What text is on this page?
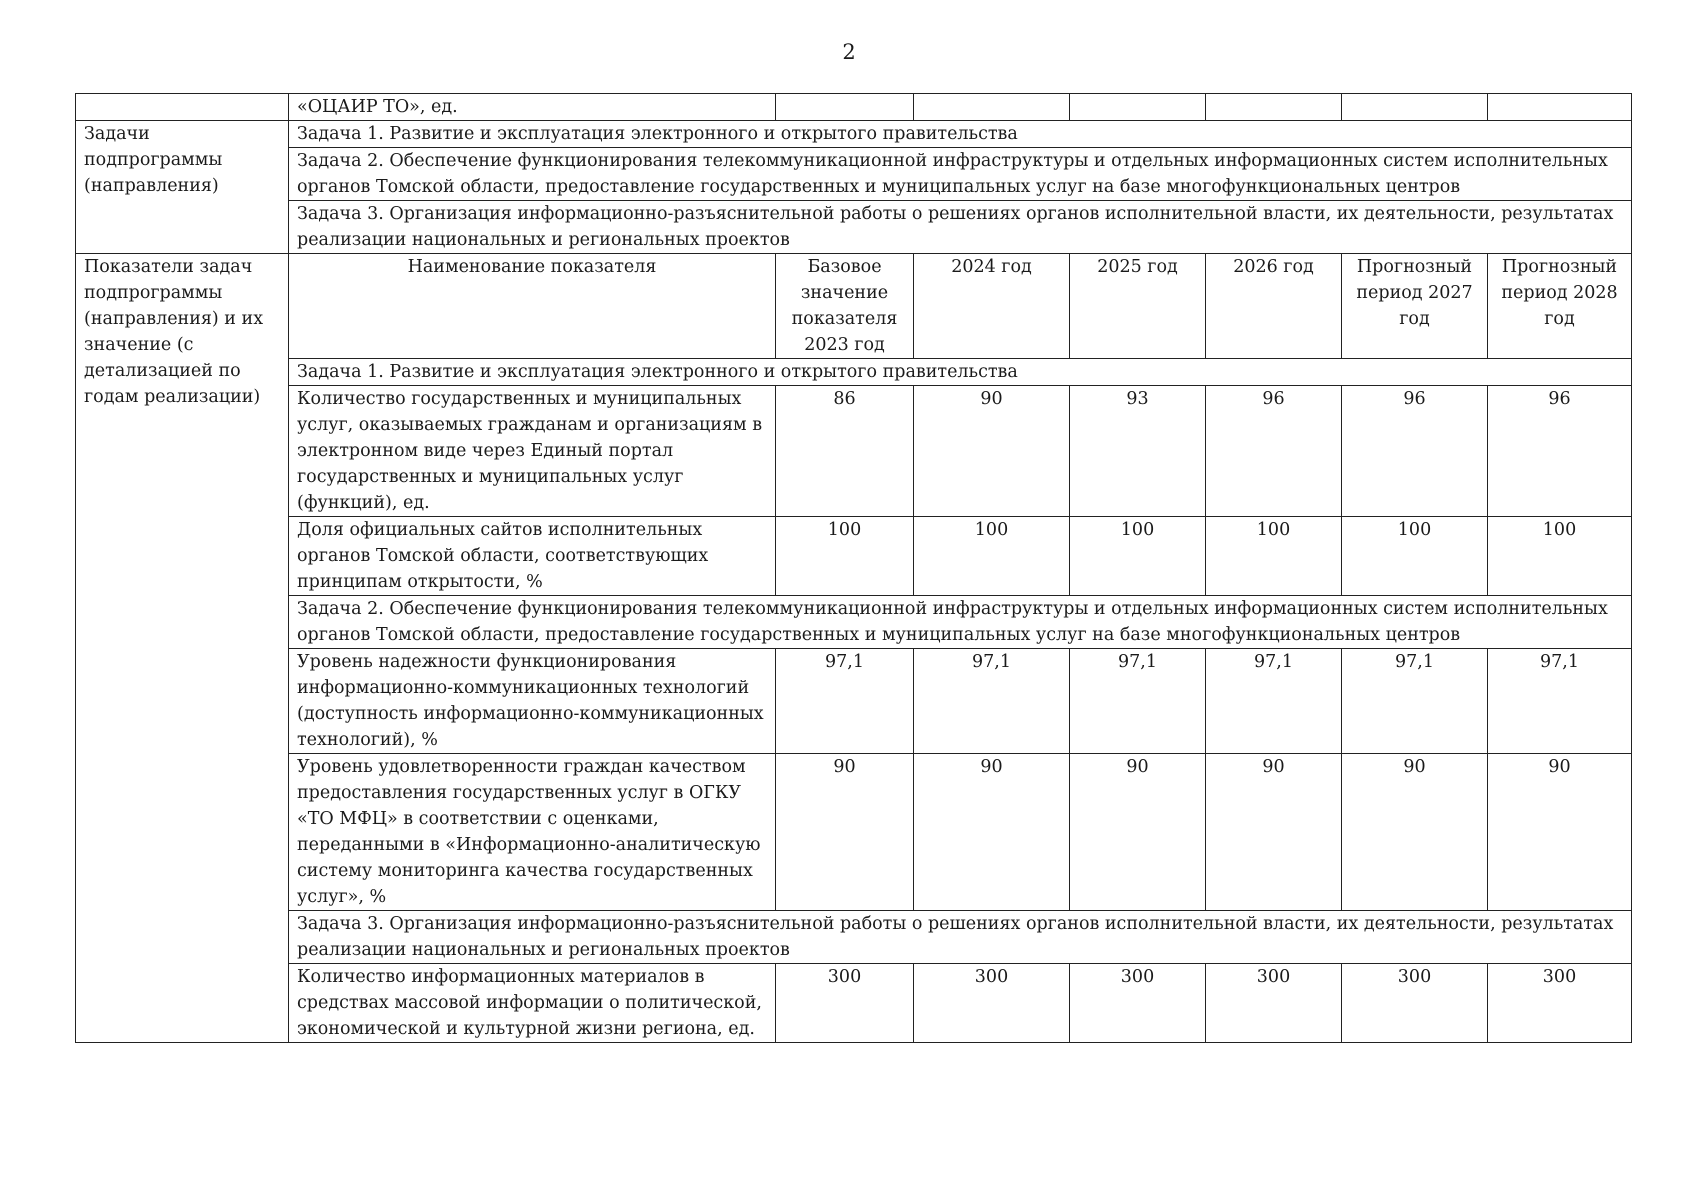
2
	«ОЦАИР ТО», ед.						
Задачи подпрограммы (направления)	Задача 1. Развитие и эксплуатация электронного и открытого правительства						
	Задача 2. Обеспечение функционирования телекоммуникационной инфраструктуры и отдельных информационных систем исполнительных органов Томской области, предоставление государственных и муниципальных услуг на базе многофункциональных центров						
	Задача 3. Организация информационно-разъяснительной работы о решениях органов исполнительной власти, их деятельности, результатах реализации национальных и региональных проектов						
Показатели задач подпрограммы (направления) и их значение (с детализацией по годам реализации)	Наименование показателя	Базовое значение показателя 2023 год	2024 год	2025 год	2026 год	Прогнозный период 2027 год	Прогнозный период 2028 год
	Задача 1. Развитие и эксплуатация электронного и открытого правительства						
	Количество государственных и муниципальных услуг, оказываемых гражданам и организациям в электронном виде через Единый портал государственных и муниципальных услуг (функций), ед.	86	90	93	96	96	96
	Доля официальных сайтов исполнительных органов Томской области, соответствующих принципам открытости, %	100	100	100	100	100	100
	Задача 2. Обеспечение функционирования телекоммуникационной инфраструктуры и отдельных информационных систем исполнительных органов Томской области, предоставление государственных и муниципальных услуг на базе многофункциональных центров						
	Уровень надежности функционирования информационно-коммуникационных технологий (доступность информационно-коммуникационных технологий), %	97,1	97,1	97,1	97,1	97,1	97,1
	Уровень удовлетворенности граждан качеством предоставления государственных услуг в ОГКУ «ТО МФЦ» в соответствии с оценками, переданными в «Информационно-аналитическую систему мониторинга качества государственных услуг», %	90	90	90	90	90	90
	Задача 3. Организация информационно-разъяснительной работы о решениях органов исполнительной власти, их деятельности, результатах реализации национальных и региональных проектов						
	Количество информационных материалов в средствах массовой информации о политической, экономической и культурной жизни региона, ед.	300	300	300	300	300	300
